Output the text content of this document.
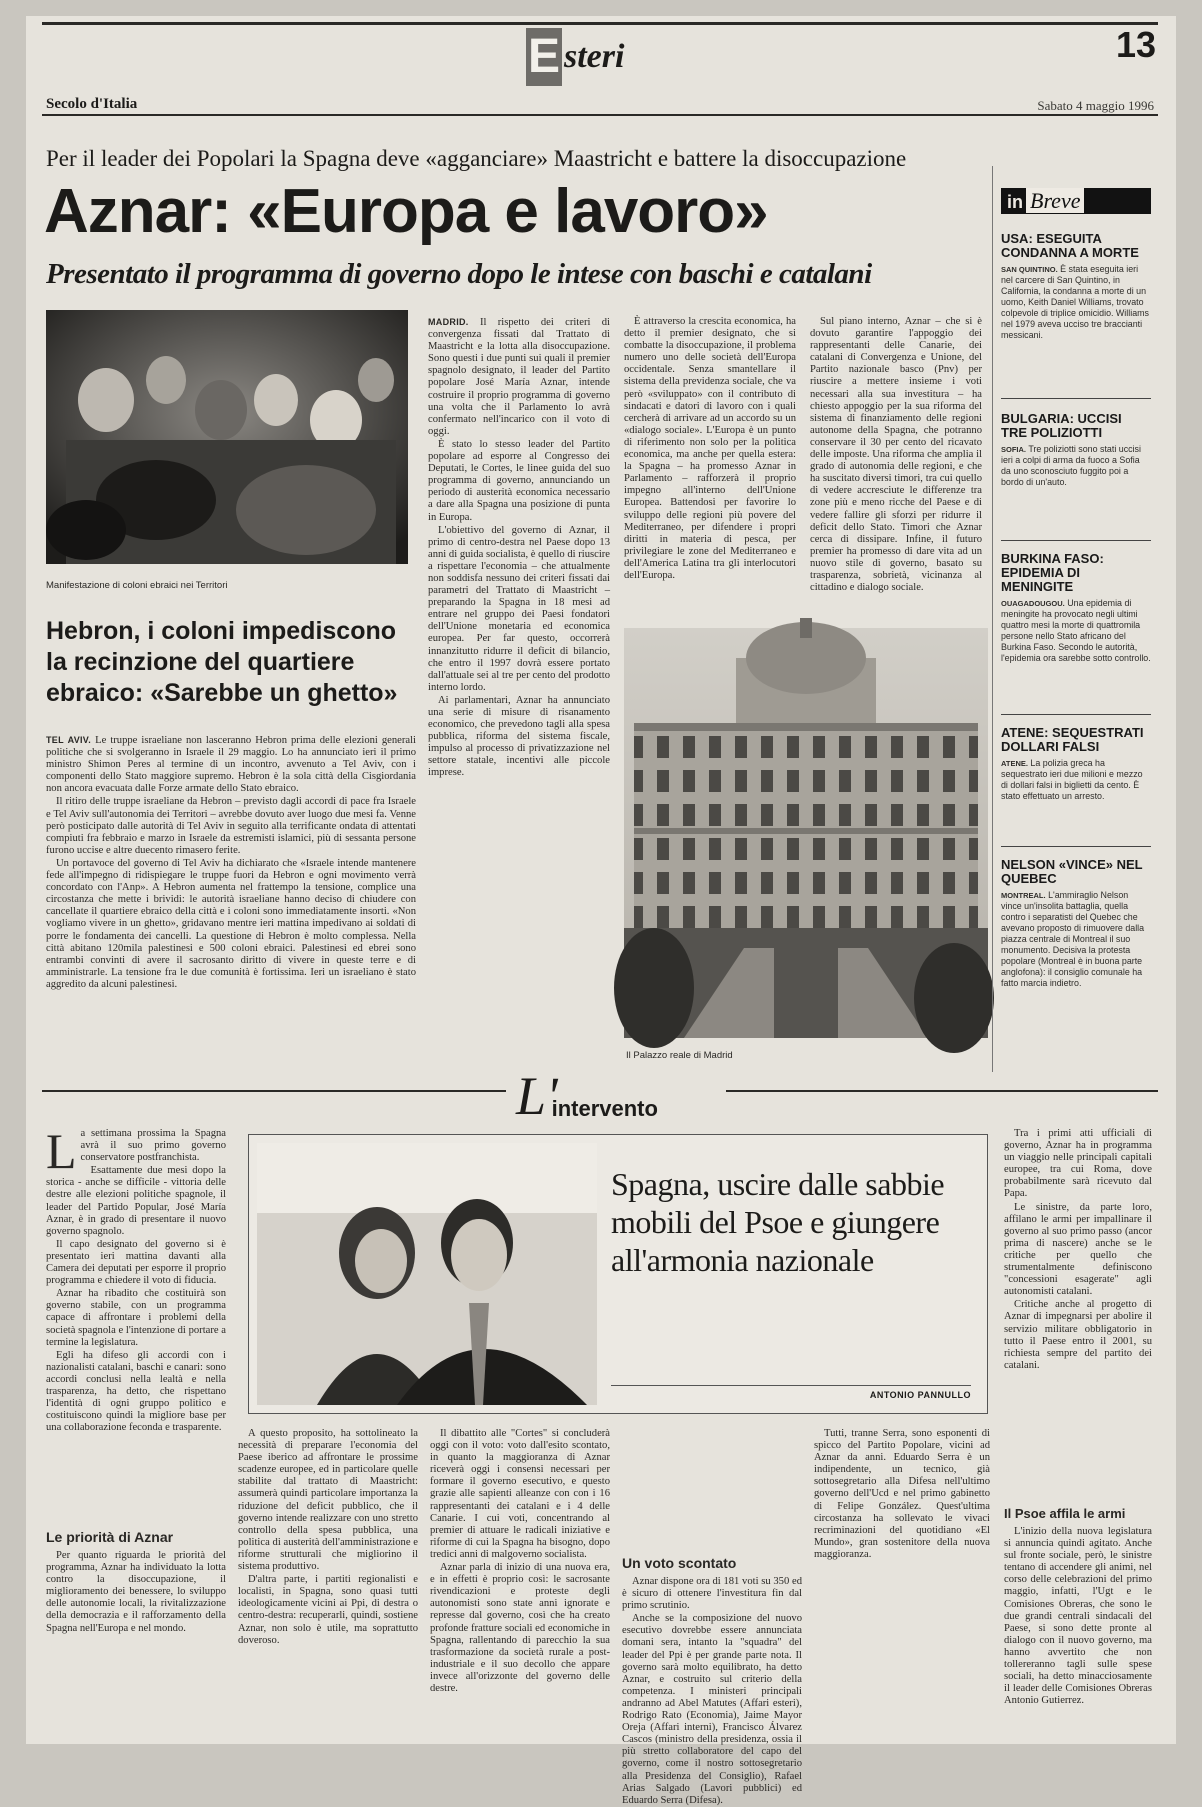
E steri	13
Secolo d'Italia	Sabato 4 maggio 1996
Per il leader dei Popolari la Spagna deve «agganciare» Maastricht e battere la disoccupazione
Aznar: «Europa e lavoro»
Presentato il programma di governo dopo le intese con baschi e catalani
Manifestazione di coloni ebraici nei Territori
Hebron, i coloni impediscono la recinzione del quartiere ebraico: «Sarebbe un ghetto»

TEL AVIV. Le truppe israeliane non lasceranno Hebron prima delle elezioni generali politiche che si svolgeranno in Israele il 29 maggio. Lo ha annunciato ieri il primo ministro Shimon Peres al termine di un incontro, avvenuto a Tel Aviv, con i componenti dello Stato maggiore supremo. Hebron è la sola città della Cisgiordania non ancora evacuata dalle Forze armate dello Stato ebraico.

Il ritiro delle truppe israeliane da Hebron – previsto dagli accordi di pace fra Israele e Tel Aviv sull'autonomia dei Territori – avrebbe dovuto aver luogo due mesi fa. Venne però posticipato dalle autorità di Tel Aviv in seguito alla terrificante ondata di attentati compiuti fra febbraio e marzo in Israele da estremisti islamici, più di sessanta persone furono uccise e altre duecento rimasero ferite.

Un portavoce del governo di Tel Aviv ha dichiarato che «Israele intende mantenere fede all'impegno di ridispiegare le truppe fuori da Hebron e ogni movimento verrà concordato con l'Anp». A Hebron aumenta nel frattempo la tensione, complice una circostanza che mette i brividi: le autorità israeliane hanno deciso di chiudere con cancellate il quartiere ebraico della città e i coloni sono immediatamente insorti. «Non vogliamo vivere in un ghetto», gridavano mentre ieri mattina impedivano ai soldati di porre le fondamenta dei cancelli. La questione di Hebron è molto complessa. Nella città abitano 120mila palestinesi e 500 coloni ebraici. Palestinesi ed ebrei sono entrambi convinti di avere il sacrosanto diritto di vivere in queste terre e di amministrarle. La tensione fra le due comunità è fortissima. Ieri un israeliano è stato aggredito da alcuni palestinesi.

MADRID. Il rispetto dei criteri di convergenza fissati dal Trattato di Maastricht e la lotta alla disoccupazione. Sono questi i due punti sui quali il premier spagnolo designato, il leader del Partito popolare José María Aznar, intende costruire il proprio programma di governo una volta che il Parlamento lo avrà confermato nell'incarico con il voto di oggi.

È stato lo stesso leader del Partito popolare ad esporre al Congresso dei Deputati, le Cortes, le linee guida del suo programma di governo, annunciando un periodo di austerità economica necessario a dare alla Spagna una posizione di punta in Europa.

L'obiettivo del governo di Aznar, il primo di centro-destra nel Paese dopo 13 anni di guida socialista, è quello di riuscire a rispettare l'economia – che attualmente non soddisfa nessuno dei criteri fissati dai parametri del Trattato di Maastricht – preparando la Spagna in 18 mesi ad entrare nel gruppo dei Paesi fondatori dell'Unione monetaria ed economica europea. Per far questo, occorrerà innanzitutto ridurre il deficit di bilancio, che entro il 1997 dovrà essere portato dall'attuale sei al tre per cento del prodotto interno lordo.

Ai parlamentari, Aznar ha annunciato una serie di misure di risanamento economico, che prevedono tagli alla spesa pubblica, riforma del sistema fiscale, impulso al processo di privatizzazione nel settore statale, incentivi alle piccole imprese.

È attraverso la crescita economica, ha detto il premier designato, che si combatte la disoccupazione, il problema numero uno delle società dell'Europa occidentale. Senza smantellare il sistema della previdenza sociale, che va però «sviluppato» con il contributo di sindacati e datori di lavoro con i quali cercherà di arrivare ad un accordo su un «dialogo sociale». L'Europa è un punto di riferimento non solo per la politica economica, ma anche per quella estera: la Spagna – ha promesso Aznar in Parlamento – rafforzerà il proprio impegno all'interno dell'Unione Europea. Battendosi per favorire lo sviluppo delle regioni più povere del Mediterraneo, per difendere i propri diritti in materia di pesca, per privilegiare le zone del Mediterraneo e dell'America Latina tra gli interlocutori dell'Europa.

Sul piano interno, Aznar – che si è dovuto garantire l'appoggio dei rappresentanti delle Canarie, dei catalani di Convergenza e Unione, del Partito nazionale basco (Pnv) per riuscire a mettere insieme i voti necessari alla sua investitura – ha chiesto appoggio per la sua riforma del sistema di finanziamento delle regioni autonome della Spagna, che potranno conservare il 30 per cento del ricavato delle imposte. Una riforma che amplia il grado di autonomia delle regioni, e che ha suscitato diversi timori, tra cui quello di vedere accresciute le differenze tra zone più e meno ricche del Paese e di vedere fallire gli sforzi per ridurre il deficit dello Stato. Timori che Aznar cerca di dissipare. Infine, il futuro premier ha promesso di dare vita ad un nuovo stile di governo, basato su trasparenza, sobrietà, vicinanza al cittadino e dialogo sociale.

Il Palazzo reale di Madrid
in Breve
USA: ESEGUITA CONDANNA A MORTE
SAN QUINTINO. È stata eseguita ieri nel carcere di San Quintino, in California, la condanna a morte di un uomo, Keith Daniel Williams, trovato colpevole di triplice omicidio. Williams nel 1979 aveva ucciso tre braccianti messicani.
BULGARIA: UCCISI TRE POLIZIOTTI
SOFIA. Tre poliziotti sono stati uccisi ieri a colpi di arma da fuoco a Sofia da uno sconosciuto fuggito poi a bordo di un'auto.
BURKINA FASO: EPIDEMIA DI MENINGITE
OUAGADOUGOU. Una epidemia di meningite ha provocato negli ultimi quattro mesi la morte di quattromila persone nello Stato africano del Burkina Faso. Secondo le autorità, l'epidemia ora sarebbe sotto controllo.
ATENE: SEQUESTRATI DOLLARI FALSI
ATENE. La polizia greca ha sequestrato ieri due milioni e mezzo di dollari falsi in biglietti da cento. È stato effettuato un arresto.
NELSON «VINCE» NEL QUEBEC
MONTREAL. L'ammiraglio Nelson vince un'insolita battaglia, quella contro i separatisti del Quebec che avevano proposto di rimuovere dalla piazza centrale di Montreal il suo monumento. Decisiva la protesta popolare (Montreal è in buona parte anglofona): il consiglio comunale ha fatto marcia indietro.
L'intervento

La settimana prossima la Spagna avrà il suo primo governo conservatore postfranchista.

Esattamente due mesi dopo la storica - anche se difficile - vittoria delle destre alle elezioni politiche spagnole, il leader del Partido Popular, José María Aznar, è in grado di presentare il nuovo governo spagnolo.

Il capo designato del governo si è presentato ieri mattina davanti alla Camera dei deputati per esporre il proprio programma e chiedere il voto di fiducia.

Aznar ha ribadito che costituirà son governo stabile, con un programma capace di affrontare i problemi della società spagnola e l'intenzione di portare a termine la legislatura.

Egli ha difeso gli accordi con i nazionalisti catalani, baschi e canari: sono accordi conclusi nella lealtà e nella trasparenza, ha detto, che rispettano l'identità di ogni gruppo politico e costituiscono quindi la migliore base per una collaborazione feconda e trasparente.

Spagna, uscire dalle sabbie mobili del Psoe e giungere all'armonia nazionale
ANTONIO PANNULLO

Tra i primi atti ufficiali di governo, Aznar ha in programma un viaggio nelle principali capitali europee, tra cui Roma, dove probabilmente sarà ricevuto dal Papa.

Le sinistre, da parte loro, affilano le armi per impallinare il governo al suo primo passo (ancor prima di nascere) anche se le critiche per quello che strumentalmente definiscono "concessioni esagerate" agli autonomisti catalani.

Critiche anche al progetto di Aznar di impegnarsi per abolire il servizio militare obbligatorio in tutto il Paese entro il 2001, su richiesta sempre del partito dei catalani.

Le priorità di Aznar

Per quanto riguarda le priorità del programma, Aznar ha individuato la lotta contro la disoccupazione, il miglioramento dei benessere, lo sviluppo delle autonomie locali, la rivitalizzazione della democrazia e il rafforzamento della Spagna nell'Europa e nel mondo.

A questo proposito, ha sottolineato la necessità di preparare l'economia del Paese iberico ad affrontare le prossime scadenze europee, ed in particolare quelle stabilite dal trattato di Maastricht: assumerà quindi particolare importanza la riduzione del deficit pubblico, che il governo intende realizzare con uno stretto controllo della spesa pubblica, una politica di austerità dell'amministrazione e riforme strutturali che migliorino il sistema produttivo.

D'altra parte, i partiti regionalisti e localisti, in Spagna, sono quasi tutti ideologicamente vicini ai Ppi, di destra o centro-destra: recuperarli, quindi, sostiene Aznar, non solo è utile, ma soprattutto doveroso.

Il dibattito alle "Cortes" si concluderà oggi con il voto: voto dall'esito scontato, in quanto la maggioranza di Aznar riceverà oggi i consensi necessari per formare il governo esecutivo, e questo grazie alle sapienti alleanze con con i 16 rappresentanti dei catalani e i 4 delle Canarie. I cui voti, concentrando al premier di attuare le radicali iniziative e riforme di cui la Spagna ha bisogno, dopo tredici anni di malgoverno socialista.

Aznar parla di inizio di una nuova era, e in effetti è proprio così: le sacrosante rivendicazioni e proteste degli autonomisti sono state anni ignorate e represse dal governo, così che ha creato profonde fratture sociali ed economiche in Spagna, rallentando di parecchio la sua trasformazione da società rurale a post-industriale e il suo decollo che appare invece all'orizzonte del governo delle destre.

Un voto scontato

Aznar dispone ora di 181 voti su 350 ed è sicuro di ottenere l'investitura fin dal primo scrutinio.

Anche se la composizione del nuovo esecutivo dovrebbe essere annunciata domani sera, intanto la "squadra" del leader del Ppi è per grande parte nota. Il governo sarà molto equilibrato, ha detto Aznar, e costruito sul criterio della competenza. I ministeri principali andranno ad Abel Matutes (Affari esteri), Rodrigo Rato (Economia), Jaime Mayor Oreja (Affari interni), Francisco Álvarez Cascos (ministro della presidenza, ossia il più stretto collaboratore del capo del governo, come il nostro sottosegretario alla Presidenza del Consiglio), Rafael Arias Salgado (Lavori pubblici) ed Eduardo Serra (Difesa).

Tutti, tranne Serra, sono esponenti di spicco del Partito Popolare, vicini ad Aznar da anni. Eduardo Serra è un indipendente, un tecnico, già sottosegretario alla Difesa nell'ultimo governo dell'Ucd e nel primo gabinetto di Felipe González. Quest'ultima circostanza ha sollevato le vivaci recriminazioni del quotidiano «El Mundo», gran sostenitore della nuova maggioranza.

Il Psoe affila le armi

L'inizio della nuova legislatura si annuncia quindi agitato. Anche sul fronte sociale, però, le sinistre tentano di accendere gli animi, nel corso delle celebrazioni del primo maggio, infatti, l'Ugt e le Comisiones Obreras, che sono le due grandi centrali sindacali del Paese, si sono dette pronte al dialogo con il nuovo governo, ma hanno avvertito che non tollereranno tagli sulle spese sociali, ha detto minacciosamente il leader delle Comisiones Obreras Antonio Gutierrez.
